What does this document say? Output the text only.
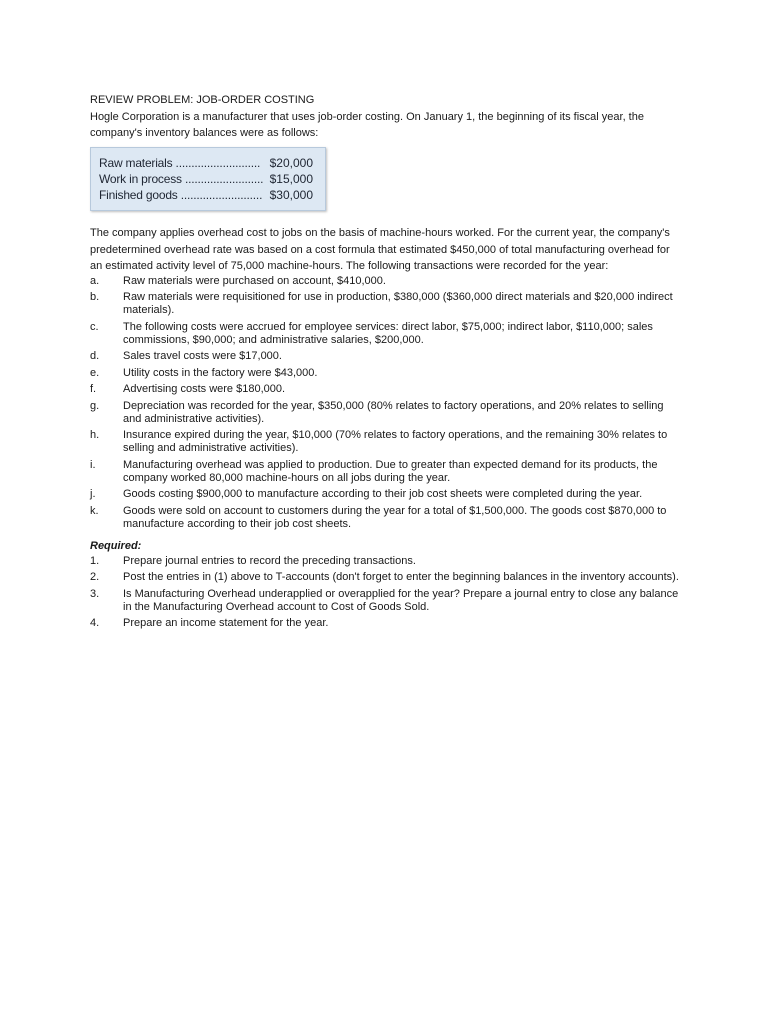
REVIEW PROBLEM: JOB-ORDER COSTING

Hogle Corporation is a manufacturer that uses job-order costing. On January 1, the beginning of its fiscal year, the company's inventory balances were as follows:

Raw materials ........................... $20,000
Work in process ......................... $15,000
Finished goods .......................... $30,000

The company applies overhead cost to jobs on the basis of machine-hours worked. For the current year, the company's predetermined overhead rate was based on a cost formula that estimated $450,000 of total manufacturing overhead for an estimated activity level of 75,000 machine-hours. The following transactions were recorded for the year:

a.	Raw materials were purchased on account, $410,000.
b.	Raw materials were requisitioned for use in production, $380,000 ($360,000 direct materials and $20,000 indirect materials).
c.	The following costs were accrued for employee services: direct labor, $75,000; indirect labor, $110,000; sales commissions, $90,000; and administrative salaries, $200,000.
d.	Sales travel costs were $17,000.
e.	Utility costs in the factory were $43,000.
f.	Advertising costs were $180,000.
g.	Depreciation was recorded for the year, $350,000 (80% relates to factory operations, and 20% relates to selling and administrative activities).
h.	Insurance expired during the year, $10,000 (70% relates to factory operations, and the remaining 30% relates to selling and administrative activities).
i.	Manufacturing overhead was applied to production. Due to greater than expected demand for its products, the company worked 80,000 machine-hours on all jobs during the year.
j.	Goods costing $900,000 to manufacture according to their job cost sheets were completed during the year.
k.	Goods were sold on account to customers during the year for a total of $1,500,000. The goods cost $870,000 to manufacture according to their job cost sheets.
Required:
1.	Prepare journal entries to record the preceding transactions.
2.	Post the entries in (1) above to T-accounts (don't forget to enter the beginning balances in the inventory accounts).
3.	Is Manufacturing Overhead underapplied or overapplied for the year? Prepare a journal entry to close any balance in the Manufacturing Overhead account to Cost of Goods Sold.
4.	Prepare an income statement for the year.
